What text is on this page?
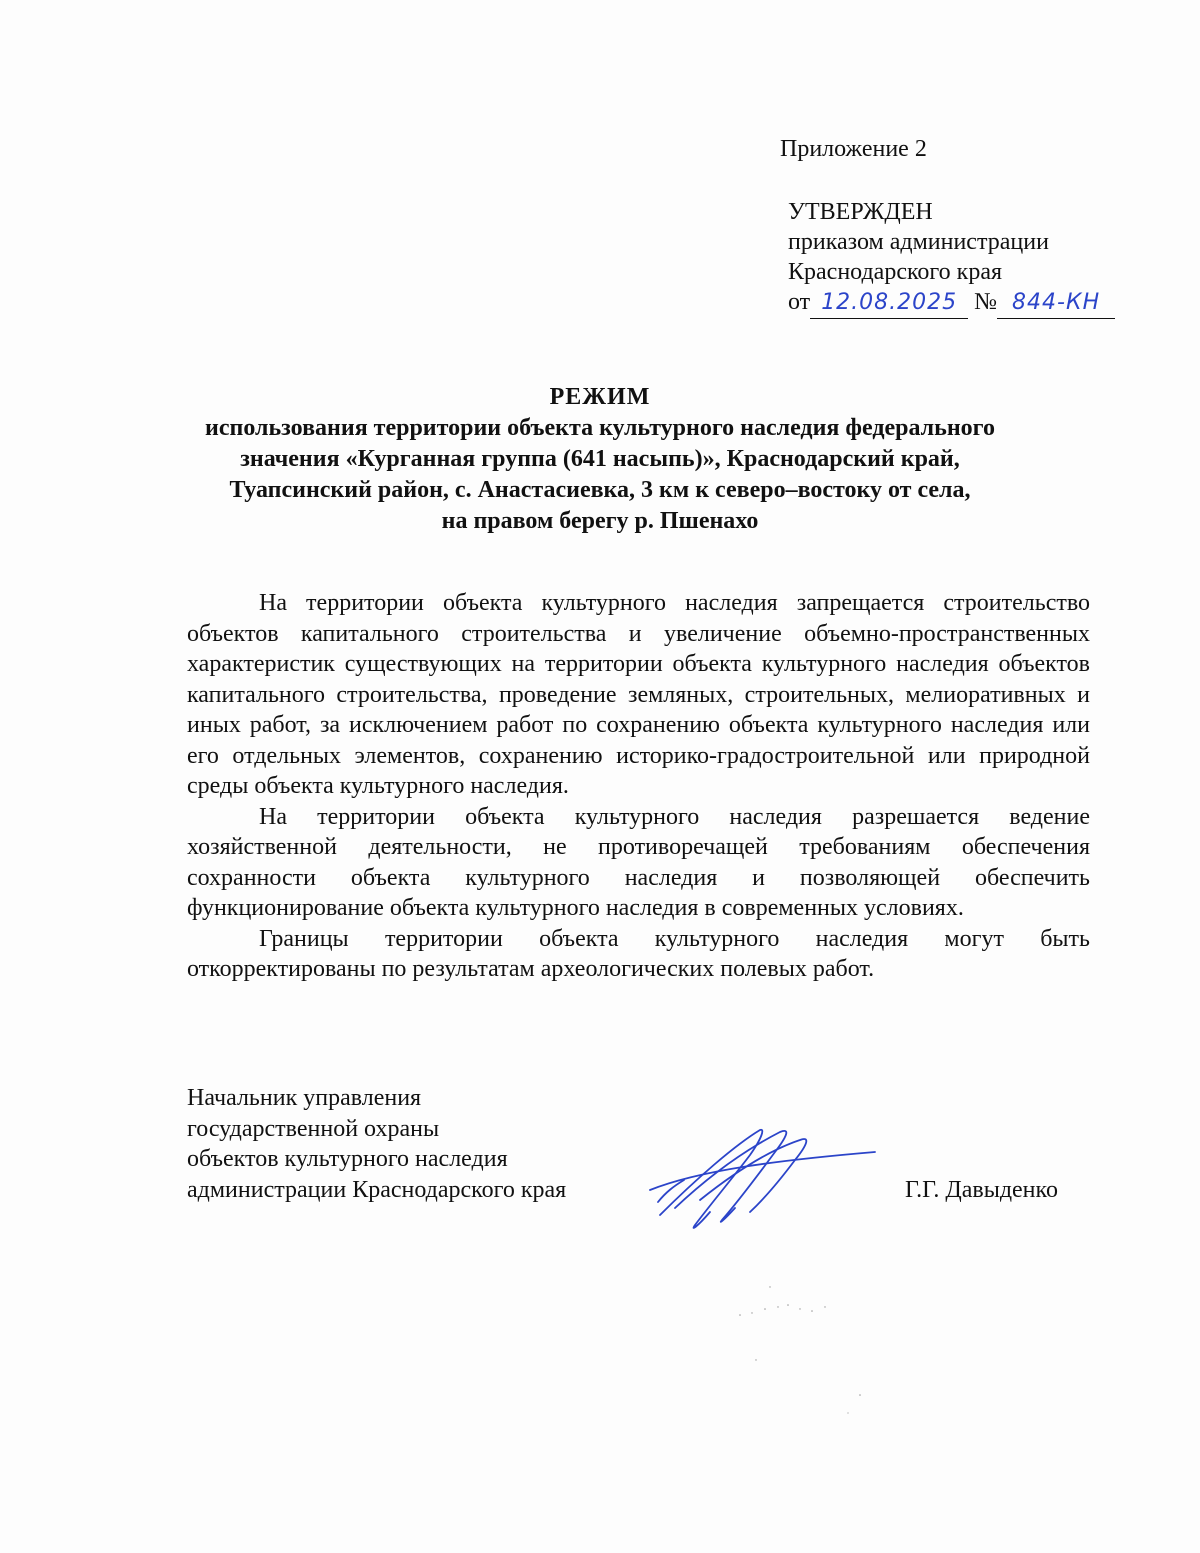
Приложение 2
УТВЕРЖДЕН
приказом администрации
Краснодарского края
от 12.08.2025 № 844-КН
РЕЖИМ
использования территории объекта культурного наследия федерального
значения «Курганная группа (641 насыпь)», Краснодарский край,
Туапсинский район, с. Анастасиевка, 3 км к северо–востоку от села,
на правом берегу р. Пшенахо

На территории объекта культурного наследия запрещается строительство объектов капитального строительства и увеличение объемно-пространственных характеристик существующих на территории объекта культурного наследия объектов капитального строительства, проведение земляных, строительных, мелиоративных и иных работ, за исключением работ по сохранению объекта культурного наследия или его отдельных элементов, сохранению историко-градостроительной или природной среды объекта культурного наследия.

На территории объекта культурного наследия разрешается ведение хозяйственной деятельности, не противоречащей требованиям обеспечения сохранности объекта культурного наследия и позволяющей обеспечить функционирование объекта культурного наследия в современных условиях.

Границы территории объекта культурного наследия могут быть откорректированы по результатам археологических полевых работ.

Начальник управления
государственной охраны
объектов культурного наследия
администрации Краснодарского края	Г.Г. Давыденко
